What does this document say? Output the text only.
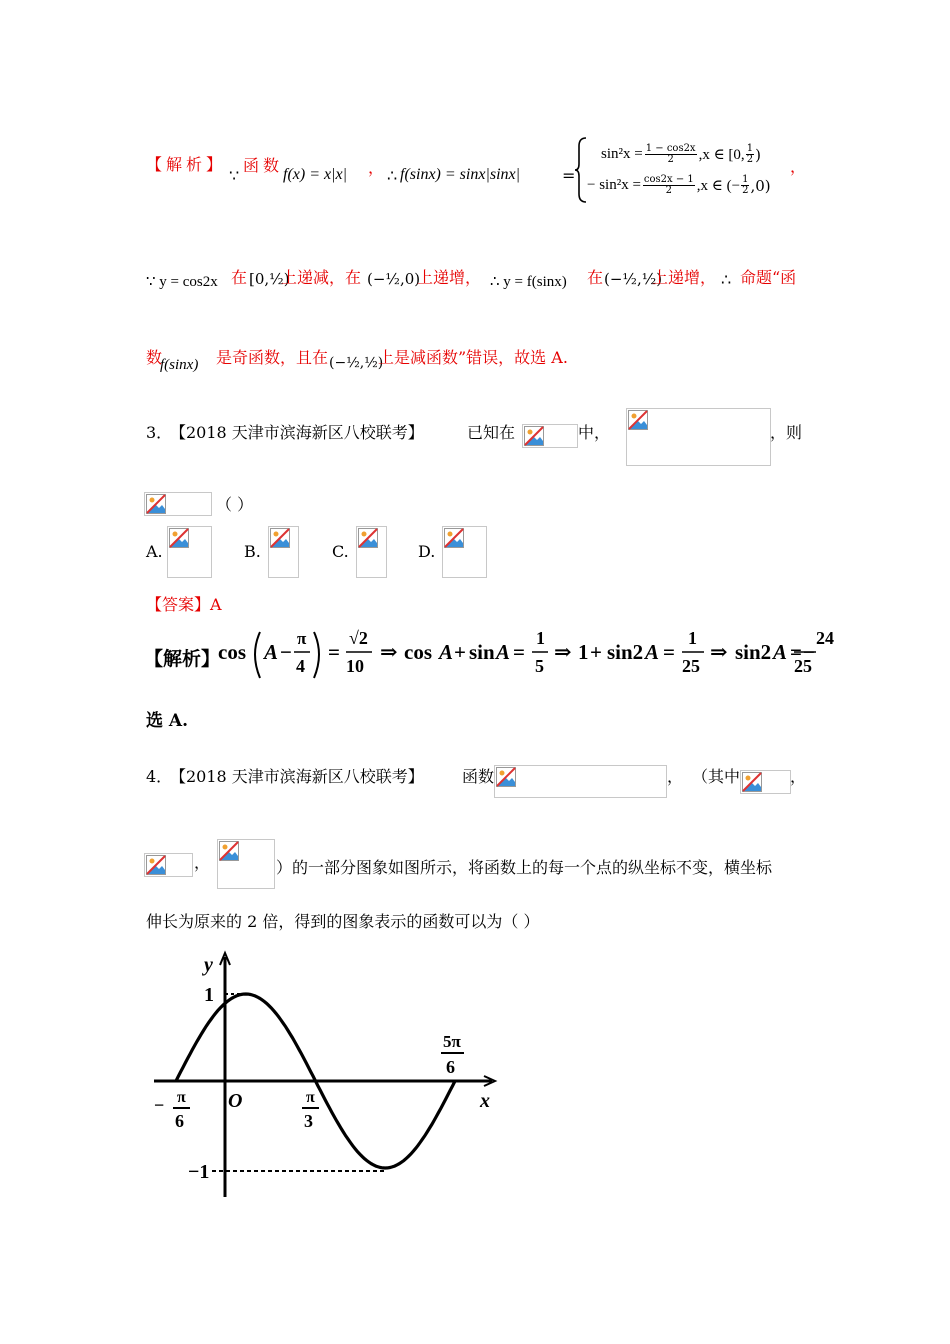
【解析】
∵
函数 f(x) = x|x| ， ∴ f(sinx) = sinx|sinx|	=
$\sin^2x = \frac{1 - \cos 2x}{2} ,x$ ∈ [0, $\frac{1}{2}$ )
− $\sin^2x = \frac{\cos 2x - 1}{2} ,x$ ∈ (− $\frac{1}{2} ,0$)
，
∵ y = cos2x 在 [0,½)
上递减，在 (−½,0)
上递增， ∴ y = f(sinx) 在 (−½,½)
上递增， ∴ 命题“函
数
f(sinx) 是奇函数，且在 (−½,½)
上是减函数”错误，故选 A.
3．
【2018 天津市滨海新区八校联考】	已知在	中，	，则
（ ）
A.	B.	C.	D.
【答案】A
【解析】
cos A −
π
4
=
√2
10
⇒ cos A + sin A =
1
5
⇒ 1 + sin2 A =
1
25
⇒ sin2 A = −
24
25
选 A.
4．
【2018 天津市滨海新区八校联考】 函数	， （其中	，
，	）的一部分图象如图所示，将函数上的每一个点的纵坐标不变，横坐标
伸长为原来的 2 倍，得到的图象表示的函数可以为（ ）
y
x
O
1
−1
− π
6
π
3
5π
6
